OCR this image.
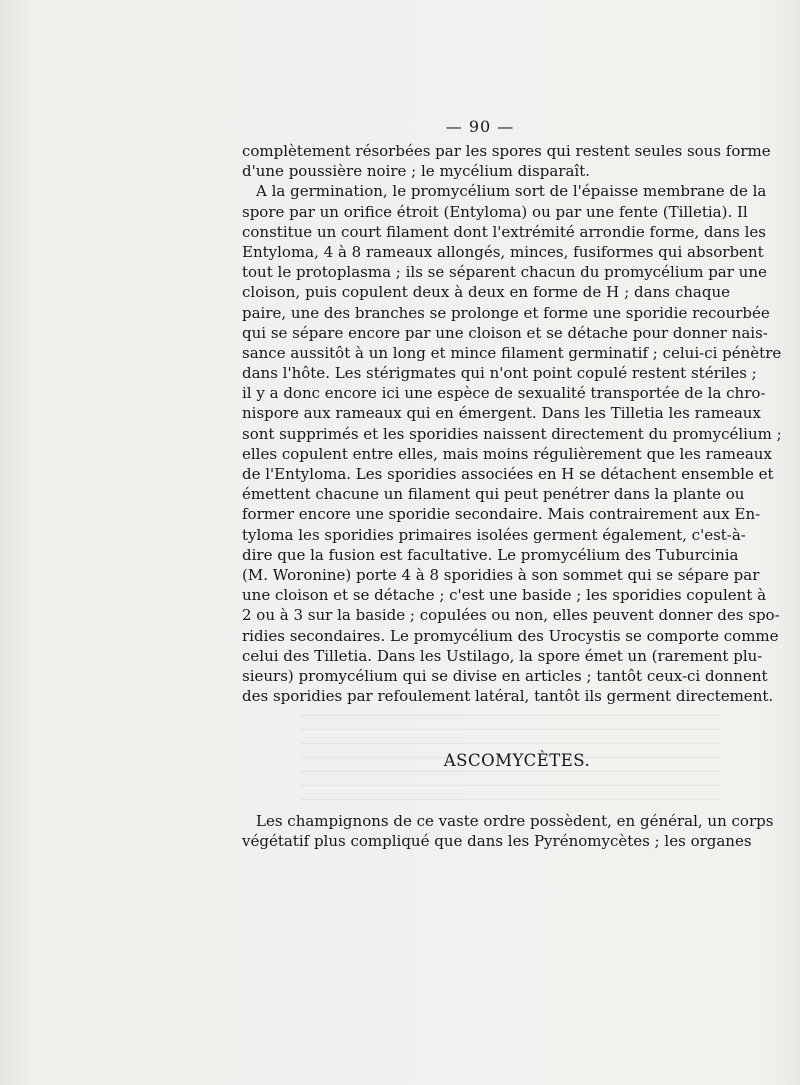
— 90 —
complètement résorbées par les spores qui restent seules sous forme
d'une poussière noire ; le mycélium disparaît.
A la germination, le promycélium sort de l'épaisse membrane de la
spore par un orifice étroit (Entyloma) ou par une fente (Tilletia). Il
constitue un court filament dont l'extrémité arrondie forme, dans les
Entyloma, 4 à 8 rameaux allongés, minces, fusiformes qui absorbent
tout le protoplasma ; ils se séparent chacun du promycélium par une
cloison, puis copulent deux à deux en forme de H ; dans chaque
paire, une des branches se prolonge et forme une sporidie recourbée
qui se sépare encore par une cloison et se détache pour donner nais-
sance aussitôt à un long et mince filament germinatif ; celui-ci pénètre
dans l'hôte. Les stérigmates qui n'ont point copulé restent stériles ;
il y a donc encore ici une espèce de sexualité transportée de la chro-
nispore aux rameaux qui en émergent. Dans les Tilletia les rameaux
sont supprimés et les sporidies naissent directement du promycélium ;
elles copulent entre elles, mais moins régulièrement que les rameaux
de l'Entyloma. Les sporidies associées en H se détachent ensemble et
émettent chacune un filament qui peut penétrer dans la plante ou
former encore une sporidie secondaire. Mais contrairement aux En-
tyloma les sporidies primaires isolées germent également, c'est-à-
dire que la fusion est facultative. Le promycélium des Tuburcinia
(M. Woronine) porte 4 à 8 sporidies à son sommet qui se sépare par
une cloison et se détache ; c'est une baside ; les sporidies copulent à
2 ou à 3 sur la baside ; copulées ou non, elles peuvent donner des spo-
ridies secondaires. Le promycélium des Urocystis se comporte comme
celui des Tilletia. Dans les Ustilago, la spore émet un (rarement plu-
sieurs) promycélium qui se divise en articles ; tantôt ceux-ci donnent
des sporidies par refoulement latéral, tantôt ils germent directement.
ASCOMYCÈTES.
Les champignons de ce vaste ordre possèdent, en général, un corps
végétatif plus compliqué que dans les Pyrénomycètes ; les organes
